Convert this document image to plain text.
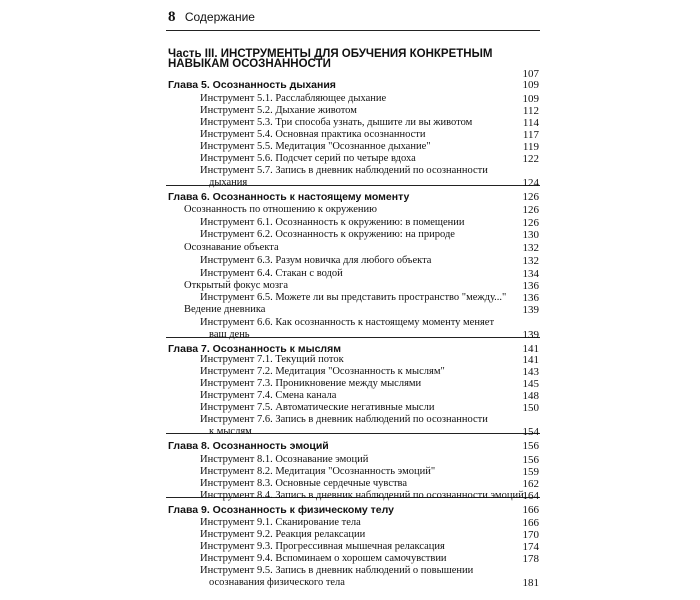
8 Содержание
Часть III. ИНСТРУМЕНТЫ ДЛЯ ОБУЧЕНИЯ КОНКРЕТНЫМ
НАВЫКАМ ОСОЗНАННОСТИ
107
Глава 5. Осознанность дыхания	109
Инструмент 5.1. Расслабляющее дыхание	109
Инструмент 5.2. Дыхание животом	112
Инструмент 5.3. Три способа узнать, дышите ли вы животом	114
Инструмент 5.4. Основная практика осознанности	117
Инструмент 5.5. Медитация "Осознанное дыхание"	119
Инструмент 5.6. Подсчет серий по четыре вдоха	122
Инструмент 5.7. Запись в дневник наблюдений по осознанности
дыхания	124
Глава 6. Осознанность к настоящему моменту	126
Осознанность по отношению к окружению	126
Инструмент 6.1. Осознанность к окружению: в помещении	126
Инструмент 6.2. Осознанность к окружению: на природе	130
Осознавание объекта	132
Инструмент 6.3. Разум новичка для любого объекта	132
Инструмент 6.4. Стакан с водой	134
Открытый фокус мозга	136
Инструмент 6.5. Можете ли вы представить пространство "между..." 136
Ведение дневника	139
Инструмент 6.6. Как осознанность к настоящему моменту меняет
ваш день	139
Глава 7. Осознанность к мыслям	141
Инструмент 7.1. Текущий поток	141
Инструмент 7.2. Медитация "Осознанность к мыслям"	143
Инструмент 7.3. Проникновение между мыслями	145
Инструмент 7.4. Смена канала	148
Инструмент 7.5. Автоматические негативные мысли	150
Инструмент 7.6. Запись в дневник наблюдений по осознанности
к мыслям	154
Глава 8. Осознанность эмоций	156
Инструмент 8.1. Осознавание эмоций	156
Инструмент 8.2. Медитация "Осознанность эмоций"	159
Инструмент 8.3. Основные сердечные чувства	162
Инструмент 8.4. Запись в дневник наблюдений по осознанности эмоций
164
Глава 9. Осознанность к физическому телу	166
Инструмент 9.1. Сканирование тела	166
Инструмент 9.2. Реакция релаксации	170
Инструмент 9.3. Прогрессивная мышечная релаксация	174
Инструмент 9.4. Вспоминаем о хорошем самочувствии	178
Инструмент 9.5. Запись в дневник наблюдений о повышении
осознавания физического тела	181
